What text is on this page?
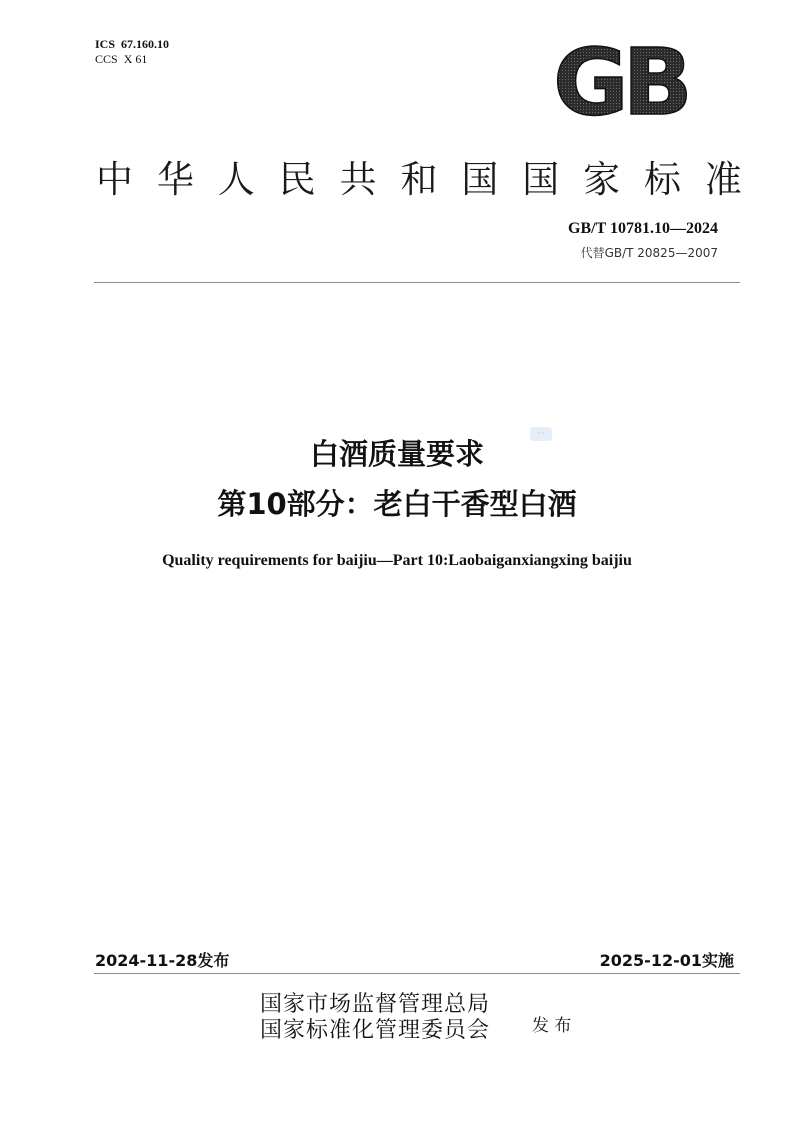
ICS 67.160.10
CCS X 61	GB
中 华 人 民 共 和 国 国 家 标 准
GB/T 10781.10—2024
代替GB/T 20825—2007
白酒质量要求
◦◦
第10部分：老白干香型白酒
Quality requirements for baijiu—Part 10:Laobaiganxiangxing baijiu
2024-11-28发布	2025-12-01实施
国家市场监督管理总局
国家标准化管理委员会 发 布
